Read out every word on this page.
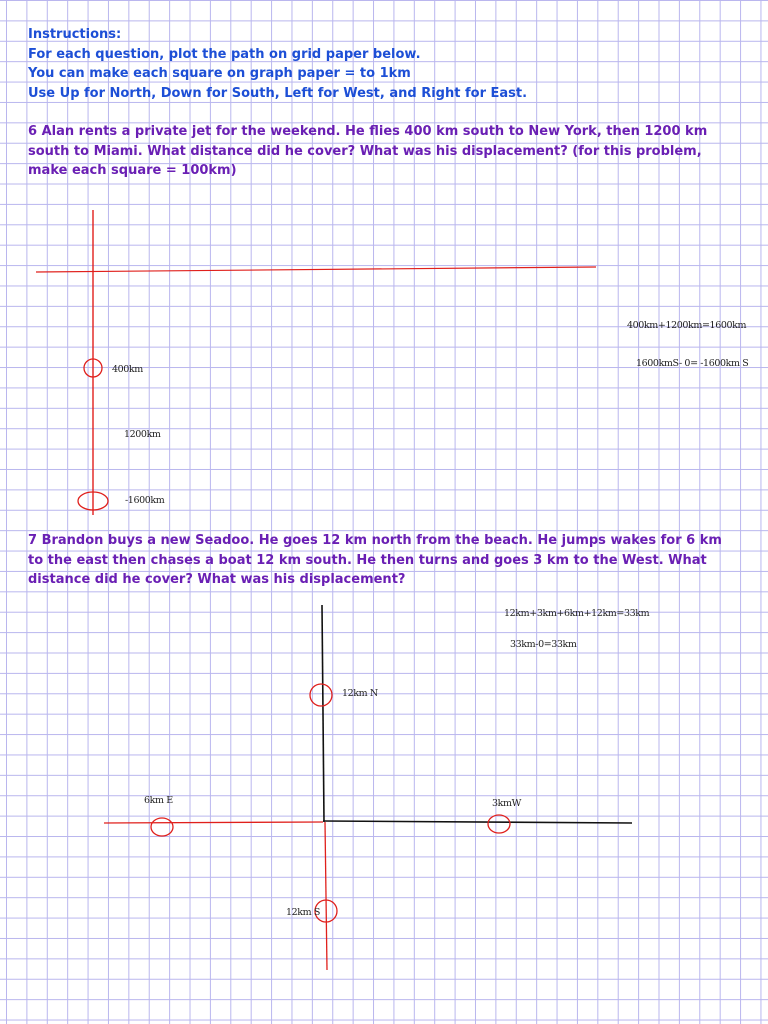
Instructions:
For each question, plot the path on grid paper below.
You can make each square on graph paper = to 1km
Use Up for North, Down for South, Left for West, and Right for East.
6 Alan rents a private jet for the weekend. He flies 400 km south to New York, then 1200 km south to Miami. What distance did he cover? What was his displacement? (for this problem, make each square = 100km)
400km
1200km
-1600km
400km+1200km=1600km
1600kmS- 0= -1600km S
7 Brandon buys a new Seadoo. He goes 12 km north from the beach. He jumps wakes for 6 km to the east then chases a boat 12 km south. He then turns and goes 3 km to the West. What distance did he cover? What was his displacement?
12km+3km+6km+12km=33km
33km-0=33km
12km N
6km E	3kmW
12km S
